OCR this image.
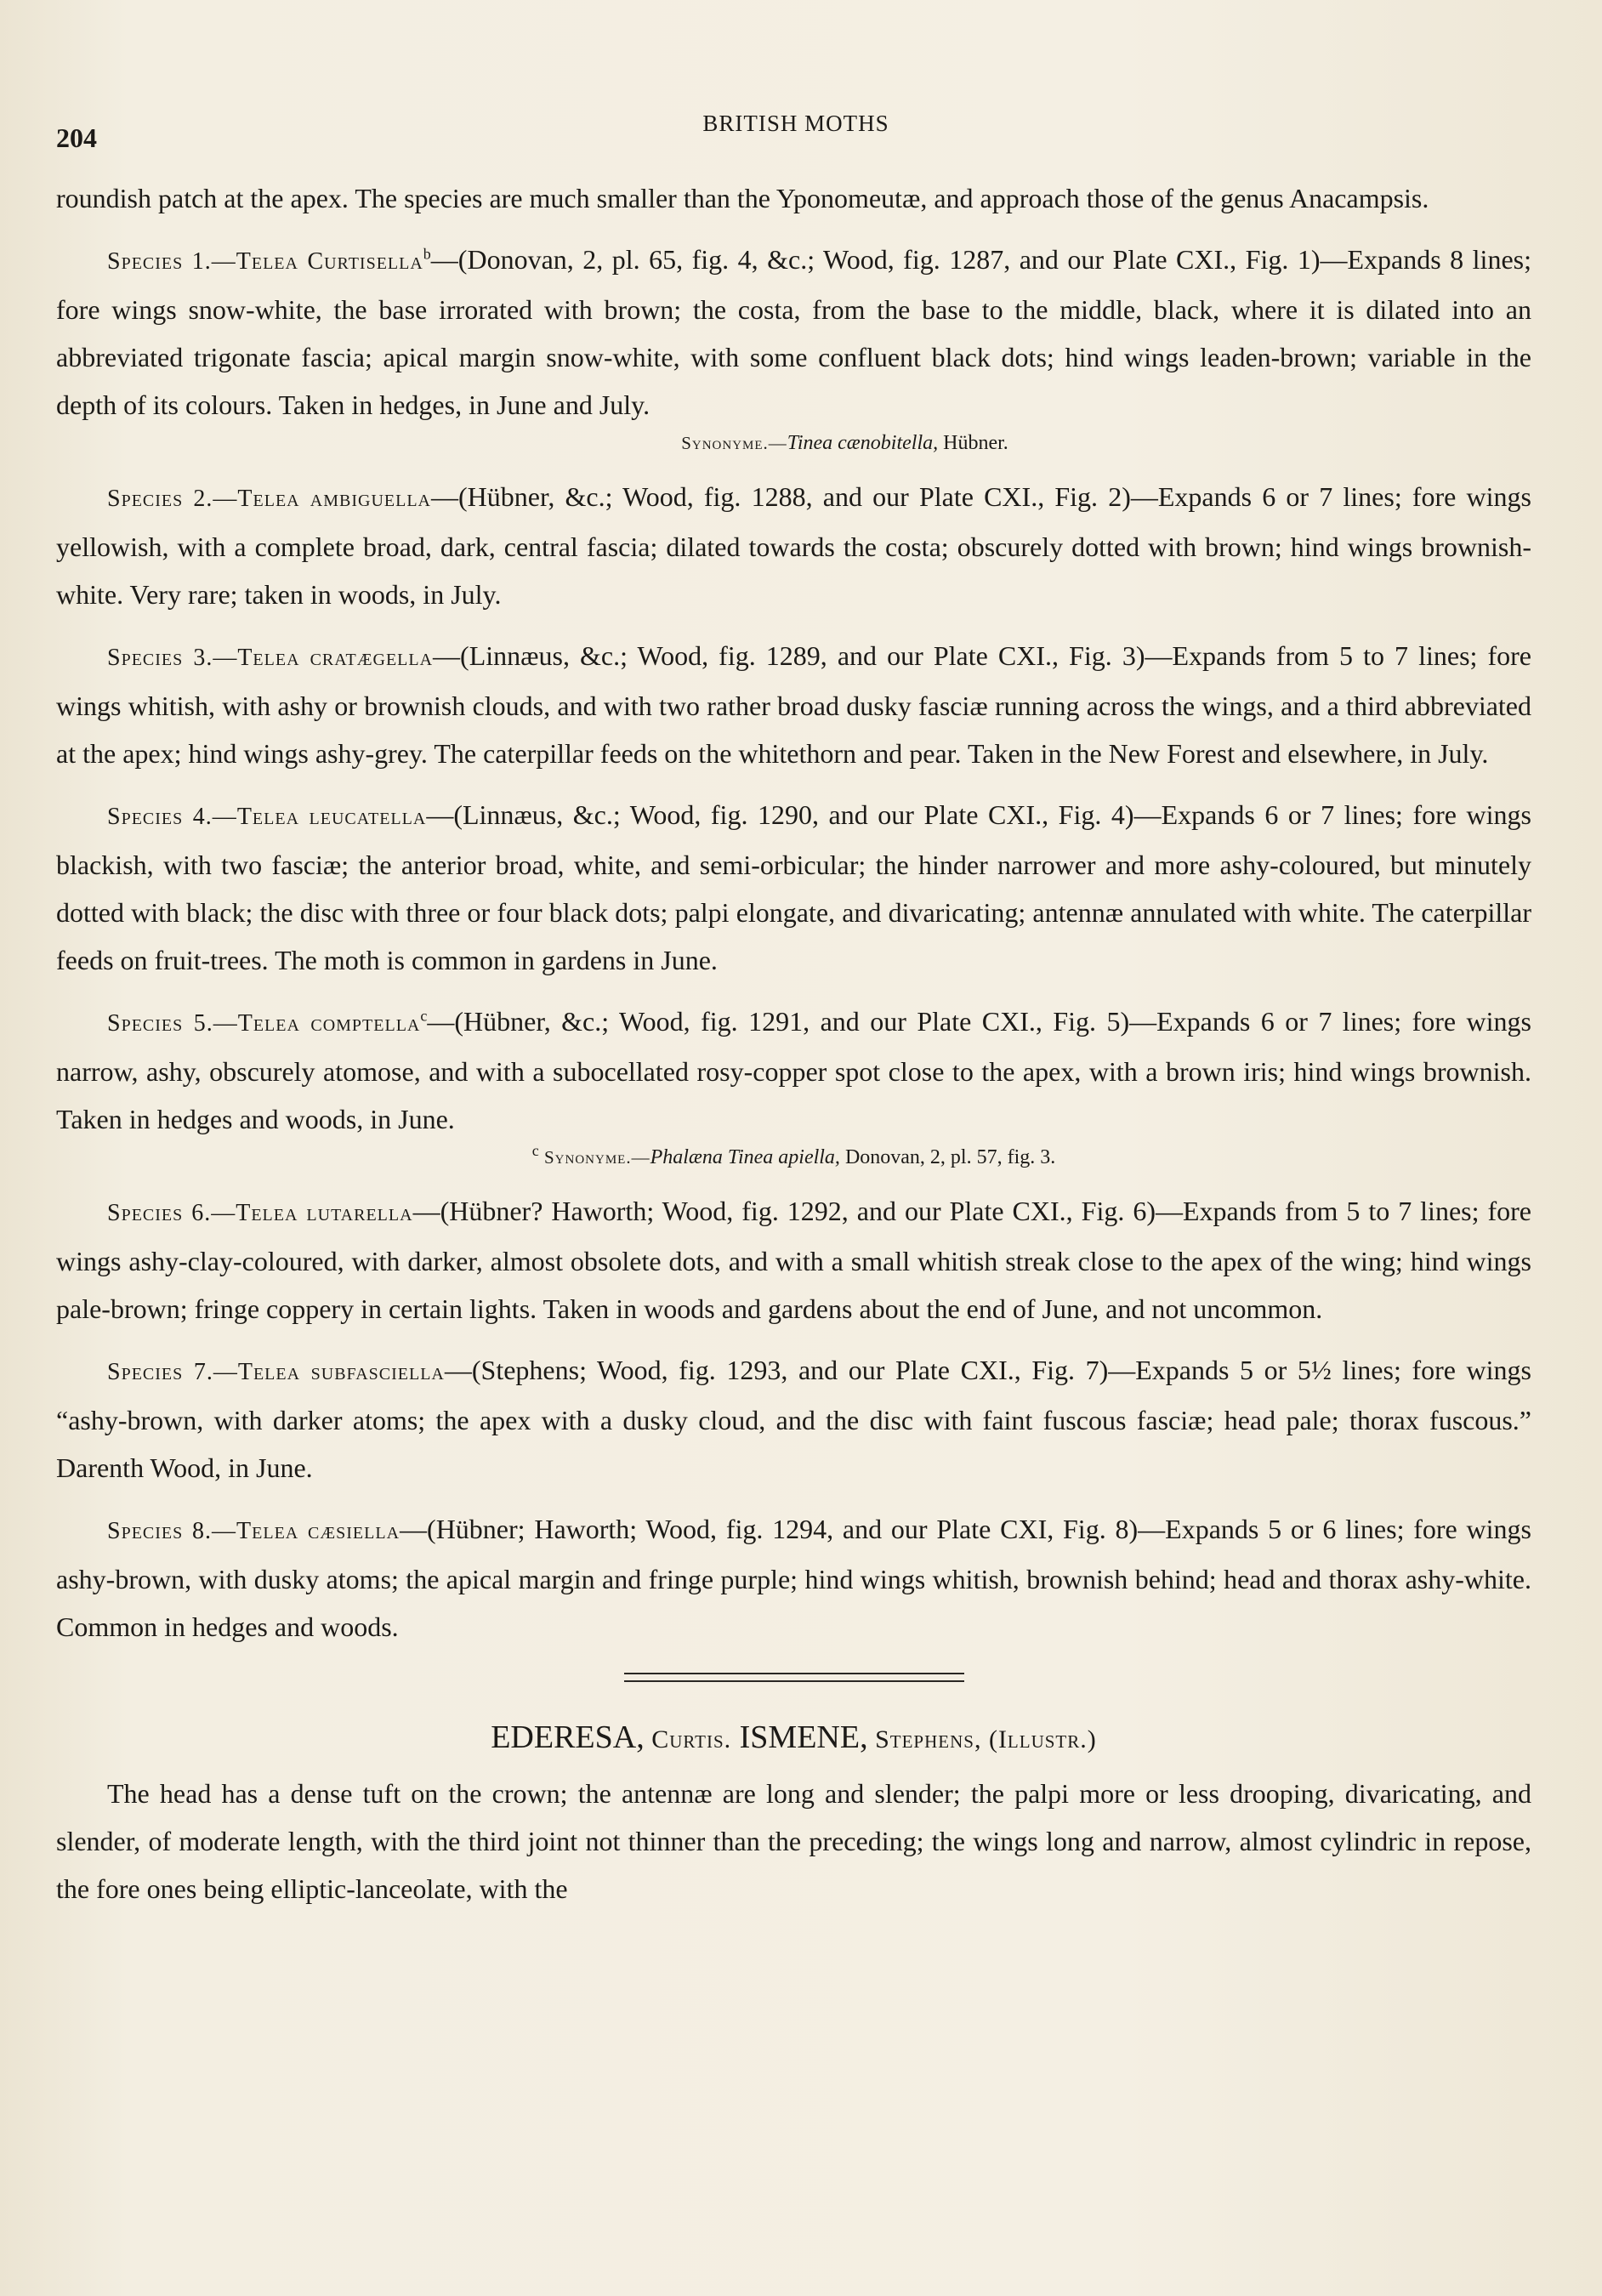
204	BRITISH MOTHS

roundish patch at the apex. The species are much smaller than the Yponomeutæ, and approach those of the genus Anacampsis.

Species 1.—Telea Curtisella$^b$—(Donovan, 2, pl. 65, fig. 4, &c.; Wood, fig. 1287, and our Plate CXI., Fig. 1)—Expands 8 lines; fore wings snow-white, the base irrorated with brown; the costa, from the base to the middle, black, where it is dilated into an abbreviated trigonate fascia; apical margin snow-white, with some confluent black dots; hind wings leaden-brown; variable in the depth of its colours. Taken in hedges, in June and July.

Synonyme.—Tinea cænobitella, Hübner.

Species 2.—Telea ambiguella—(Hübner, &c.; Wood, fig. 1288, and our Plate CXI., Fig. 2)—Expands 6 or 7 lines; fore wings yellowish, with a complete broad, dark, central fascia; dilated towards the costa; obscurely dotted with brown; hind wings brownish-white. Very rare; taken in woods, in July.

Species 3.—Telea cratægella—(Linnæus, &c.; Wood, fig. 1289, and our Plate CXI., Fig. 3)—Expands from 5 to 7 lines; fore wings whitish, with ashy or brownish clouds, and with two rather broad dusky fasciæ running across the wings, and a third abbreviated at the apex; hind wings ashy-grey. The caterpillar feeds on the whitethorn and pear. Taken in the New Forest and elsewhere, in July.

Species 4.—Telea leucatella—(Linnæus, &c.; Wood, fig. 1290, and our Plate CXI., Fig. 4)—Expands 6 or 7 lines; fore wings blackish, with two fasciæ; the anterior broad, white, and semi-orbicular; the hinder narrower and more ashy-coloured, but minutely dotted with black; the disc with three or four black dots; palpi elongate, and divaricating; antennæ annulated with white. The caterpillar feeds on fruit-trees. The moth is common in gardens in June.

Species 5.—Telea comptella$^c$—(Hübner, &c.; Wood, fig. 1291, and our Plate CXI., Fig. 5)—Expands 6 or 7 lines; fore wings narrow, ashy, obscurely atomose, and with a subocellated rosy-copper spot close to the apex, with a brown iris; hind wings brownish. Taken in hedges and woods, in June.

$^c$ Synonyme.—Phalæna Tinea apiella, Donovan, 2, pl. 57, fig. 3.

Species 6.—Telea lutarella—(Hübner? Haworth; Wood, fig. 1292, and our Plate CXI., Fig. 6)—Expands from 5 to 7 lines; fore wings ashy-clay-coloured, with darker, almost obsolete dots, and with a small whitish streak close to the apex of the wing; hind wings pale-brown; fringe coppery in certain lights. Taken in woods and gardens about the end of June, and not uncommon.

Species 7.—Telea subfasciella—(Stephens; Wood, fig. 1293, and our Plate CXI., Fig. 7)—Expands 5 or 5½ lines; fore wings “ashy-brown, with darker atoms; the apex with a dusky cloud, and the disc with faint fuscous fasciæ; head pale; thorax fuscous.” Darenth Wood, in June.

Species 8.—Telea cæsiella—(Hübner; Haworth; Wood, fig. 1294, and our Plate CXI, Fig. 8)—Expands 5 or 6 lines; fore wings ashy-brown, with dusky atoms; the apical margin and fringe purple; hind wings whitish, brownish behind; head and thorax ashy-white. Common in hedges and woods.

EDERESA, Curtis. ISMENE, Stephens, (Illustr.)

The head has a dense tuft on the crown; the antennæ are long and slender; the palpi more or less drooping, divaricating, and slender, of moderate length, with the third joint not thinner than the preceding; the wings long and narrow, almost cylindric in repose, the fore ones being elliptic-lanceolate, with the
